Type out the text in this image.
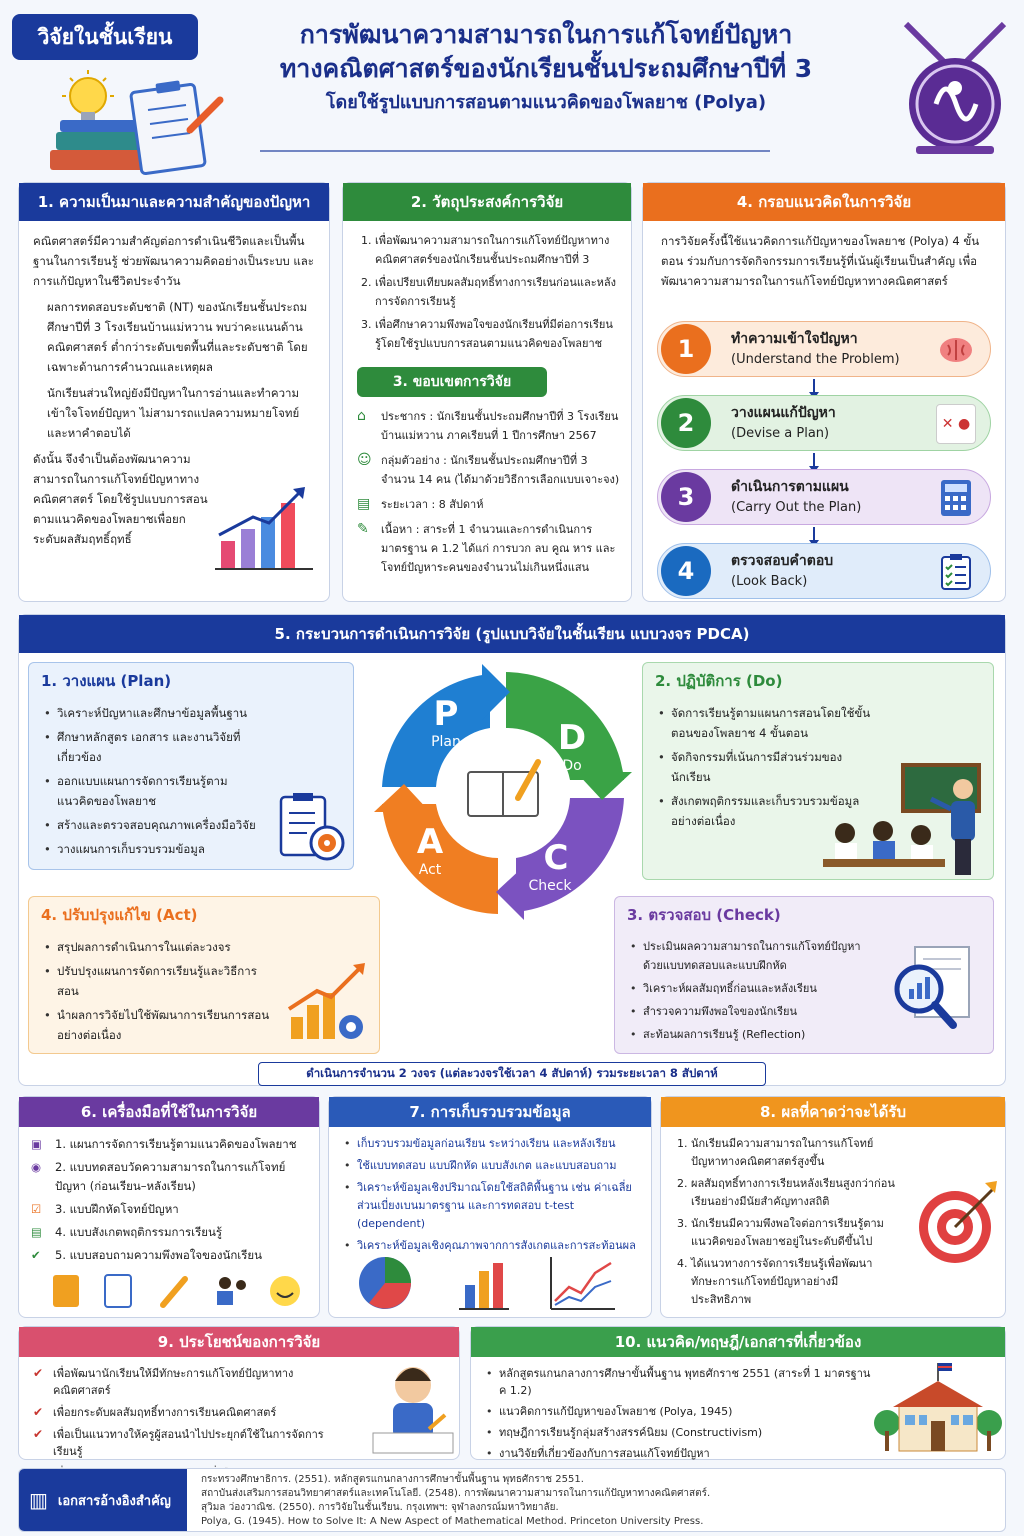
วิจัยในชั้นเรียน	การพัฒนาความสามารถในการแก้โจทย์ปัญหา
ทางคณิตศาสตร์ของนักเรียนชั้นประถมศึกษาปีที่ 3
โดยใช้รูปแบบการสอนตามแนวคิดของโพลยาช (Polya)
1. ความเป็นมาและความสำคัญของปัญหา

คณิตศาสตร์มีความสำคัญต่อการดำเนินชีวิตและเป็นพื้นฐานในการเรียนรู้ ช่วยพัฒนาความคิดอย่างเป็นระบบ และการแก้ปัญหาในชีวิตประจำวัน

ผลการทดสอบระดับชาติ (NT) ของนักเรียนชั้นประถมศึกษาปีที่ 3 โรงเรียนบ้านแม่หวาน พบว่าคะแนนด้านคณิตศาสตร์ ต่ำกว่าระดับเขตพื้นที่และระดับชาติ โดยเฉพาะด้านการคำนวณและเหตุผล

นักเรียนส่วนใหญ่ยังมีปัญหาในการอ่านและทำความเข้าใจโจทย์ปัญหา ไม่สามารถแปลความหมายโจทย์และหาคำตอบได้

ดังนั้น จึงจำเป็นต้องพัฒนาความสามารถในการแก้โจทย์ปัญหาทางคณิตศาสตร์ โดยใช้รูปแบบการสอนตามแนวคิดของโพลยาชเพื่อยกระดับผลสัมฤทธิ์ฤทธิ์

2. วัตถุประสงค์การวิจัย
1. เพื่อพัฒนาความสามารถในการแก้โจทย์ปัญหาทางคณิตศาสตร์ของนักเรียนชั้นประถมศึกษาปีที่ 3
2. เพื่อเปรียบเทียบผลสัมฤทธิ์ทางการเรียนก่อนและหลังการจัดการเรียนรู้
3. เพื่อศึกษาความพึงพอใจของนักเรียนที่มีต่อการเรียนรู้โดยใช้รูปแบบการสอนตามแนวคิดของโพลยาช
3. ขอบเขตการวิจัย
⌂	ประชากร : นักเรียนชั้นประถมศึกษาปีที่ 3 โรงเรียนบ้านแม่หวาน ภาคเรียนที่ 1 ปีการศึกษา 2567
☺ กลุ่มตัวอย่าง : นักเรียนชั้นประถมศึกษาปีที่ 3 จำนวน 14 คน (ได้มาด้วยวิธีการเลือกแบบเจาะจง)
▤ ระยะเวลา : 8 สัปดาห์
✎	เนื้อหา : สาระที่ 1 จำนวนและการดำเนินการ มาตรฐาน ค 1.2 ได้แก่ การบวก ลบ คูณ หาร และโจทย์ปัญหาระคนของจำนวนไม่เกินหนึ่งแสน
4. กรอบแนวคิดในการวิจัย
การวิจัยครั้งนี้ใช้แนวคิดการแก้ปัญหาของโพลยาช (Polya) 4 ขั้นตอน ร่วมกับการจัดกิจกรรมการเรียนรู้ที่เน้นผู้เรียนเป็นสำคัญ เพื่อพัฒนาความสามารถในการแก้โจทย์ปัญหาทางคณิตศาสตร์
1	ทำความเข้าใจปัญหา
(Understand the Problem)
2	วางแผนแก้ปัญหา
(Devise a Plan)
✕ ●
3	ดำเนินการตามแผน
(Carry Out the Plan)
4	ตรวจสอบคำตอบ
(Look Back)
5. กระบวนการดำเนินการวิจัย (รูปแบบวิจัยในชั้นเรียน แบบวงจร PDCA)
1. วางแผน (Plan)
• วิเคราะห์ปัญหาและศึกษาข้อมูลพื้นฐาน
• ศึกษาหลักสูตร เอกสาร และงานวิจัยที่เกี่ยวข้อง
• ออกแบบแผนการจัดการเรียนรู้ตามแนวคิดของโพลยาช
• สร้างและตรวจสอบคุณภาพเครื่องมือวิจัย
• วางแผนการเก็บรวบรวมข้อมูล
2. ปฏิบัติการ (Do)
• จัดการเรียนรู้ตามแผนการสอนโดยใช้ขั้นตอนของโพลยาช 4 ขั้นตอน
• จัดกิจกรรมที่เน้นการมีส่วนร่วมของนักเรียน
• สังเกตพฤติกรรมและเก็บรวบรวมข้อมูลอย่างต่อเนื่อง
4. ปรับปรุงแก้ไข (Act)
• สรุปผลการดำเนินการในแต่ละวงจร
• ปรับปรุงแผนการจัดการเรียนรู้และวิธีการสอน
• นำผลการวิจัยไปใช้พัฒนาการเรียนการสอนอย่างต่อเนื่อง
3. ตรวจสอบ (Check)
• ประเมินผลความสามารถในการแก้โจทย์ปัญหาด้วยแบบทดสอบและแบบฝึกหัด
• วิเคราะห์ผลสัมฤทธิ์ก่อนและหลังเรียน
• สำรวจความพึงพอใจของนักเรียน
• สะท้อนผลการเรียนรู้ (Reflection)
P
Plan	D
Do
C
Check
A
Act
ดำเนินการจำนวน 2 วงจร (แต่ละวงจรใช้เวลา 4 สัปดาห์) รวมระยะเวลา 8 สัปดาห์
6. เครื่องมือที่ใช้ในการวิจัย
▣	1. แผนการจัดการเรียนรู้ตามแนวคิดของโพลยาช
◉	2. แบบทดสอบวัดความสามารถในการแก้โจทย์ปัญหา (ก่อนเรียน–หลังเรียน)
☑	3. แบบฝึกหัดโจทย์ปัญหา
▤	4. แบบสังเกตพฤติกรรมการเรียนรู้
✔	5. แบบสอบถามความพึงพอใจของนักเรียน
7. การเก็บรวบรวมข้อมูล
• เก็บรวบรวมข้อมูลก่อนเรียน ระหว่างเรียน และหลังเรียน
• ใช้แบบทดสอบ แบบฝึกหัด แบบสังเกต และแบบสอบถาม
• วิเคราะห์ข้อมูลเชิงปริมาณโดยใช้สถิติพื้นฐาน เช่น ค่าเฉลี่ย ส่วนเบี่ยงเบนมาตรฐาน และการทดสอบ t-test (dependent)
• วิเคราะห์ข้อมูลเชิงคุณภาพจากการสังเกตและการสะท้อนผล
8. ผลที่คาดว่าจะได้รับ
1. นักเรียนมีความสามารถในการแก้โจทย์ปัญหาทางคณิตศาสตร์สูงขึ้น
2. ผลสัมฤทธิ์ทางการเรียนหลังเรียนสูงกว่าก่อนเรียนอย่างมีนัยสำคัญทางสถิติ
3. นักเรียนมีความพึงพอใจต่อการเรียนรู้ตามแนวคิดของโพลยาชอยู่ในระดับดีขึ้นไป
4. ได้แนวทางการจัดการเรียนรู้เพื่อพัฒนาทักษะการแก้โจทย์ปัญหาอย่างมีประสิทธิภาพ
9. ประโยชน์ของการวิจัย
✔ เพื่อพัฒนานักเรียนให้มีทักษะการแก้โจทย์ปัญหาทางคณิตศาสตร์
✔ เพื่อยกระดับผลสัมฤทธิ์ทางการเรียนคณิตศาสตร์
✔ เพื่อเป็นแนวทางให้ครูผู้สอนนำไปประยุกต์ใช้ในการจัดการเรียนรู้
✔
10. แนวคิด/ทฤษฎี/เอกสารที่เกี่ยวข้อง
• หลักสูตรแกนกลางการศึกษาขั้นพื้นฐาน พุทธศักราช 2551 (สาระที่ 1 มาตรฐาน ค 1.2)
• แนวคิดการแก้ปัญหาของโพลยาช (Polya, 1945)
• ทฤษฎีการเรียนรู้กลุ่มสร้างสรรค์นิยม (Constructivism)
• งานวิจัยที่เกี่ยวข้องกับการสอนแก้โจทย์ปัญหา
▥ เอกสารอ้างอิงสำคัญ
กระทรวงศึกษาธิการ. (2551). หลักสูตรแกนกลางการศึกษาขั้นพื้นฐาน พุทธศักราช 2551.
สถาบันส่งเสริมการสอนวิทยาศาสตร์และเทคโนโลยี. (2548). การพัฒนาความสามารถในการแก้ปัญหาทางคณิตศาสตร์.
สุวิมล ว่องวาณิช. (2550). การวิจัยในชั้นเรียน. กรุงเทพฯ: จุฬาลงกรณ์มหาวิทยาลัย.
Polya, G. (1945). How to Solve It: A New Aspect of Mathematical Method. Princeton University Press.
